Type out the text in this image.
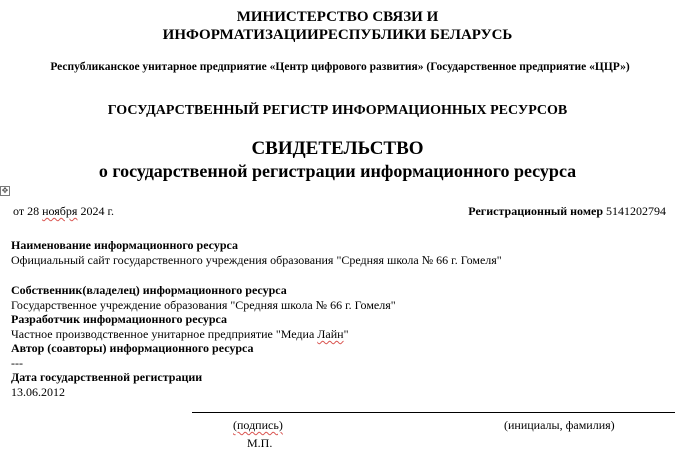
МИНИСТЕРСТВО СВЯЗИ И
ИНФОРМАТИЗАЦИИРЕСПУБЛИКИ БЕЛАРУСЬ
Республиканское унитарное предприятие «Центр цифрового развития» (Государственное предприятие «ЦЦР»)
ГОСУДАРСТВЕННЫЙ РЕГИСТР ИНФОРМАЦИОННЫХ РЕСУРСОВ
СВИДЕТЕЛЬСТВО
о государственной регистрации информационного ресурса
✥
от 28 ноября 2024 г.	Регистрационный номер 5141202794
Наименование информационного ресурса
Официальный сайт государственного учреждения образования "Средняя школа № 66 г. Гомеля"
Собственник(владелец) информационного ресурса
Государственное учреждение образования "Средняя школа № 66 г. Гомеля"
Разработчик информационного ресурса
Частное производственное унитарное предприятие "Медиа Лайн"
Автор (соавторы) информационного ресурса
---
Дата государственной регистрации
13.06.2012
(подпись)	(инициалы, фамилия)
М.П.
